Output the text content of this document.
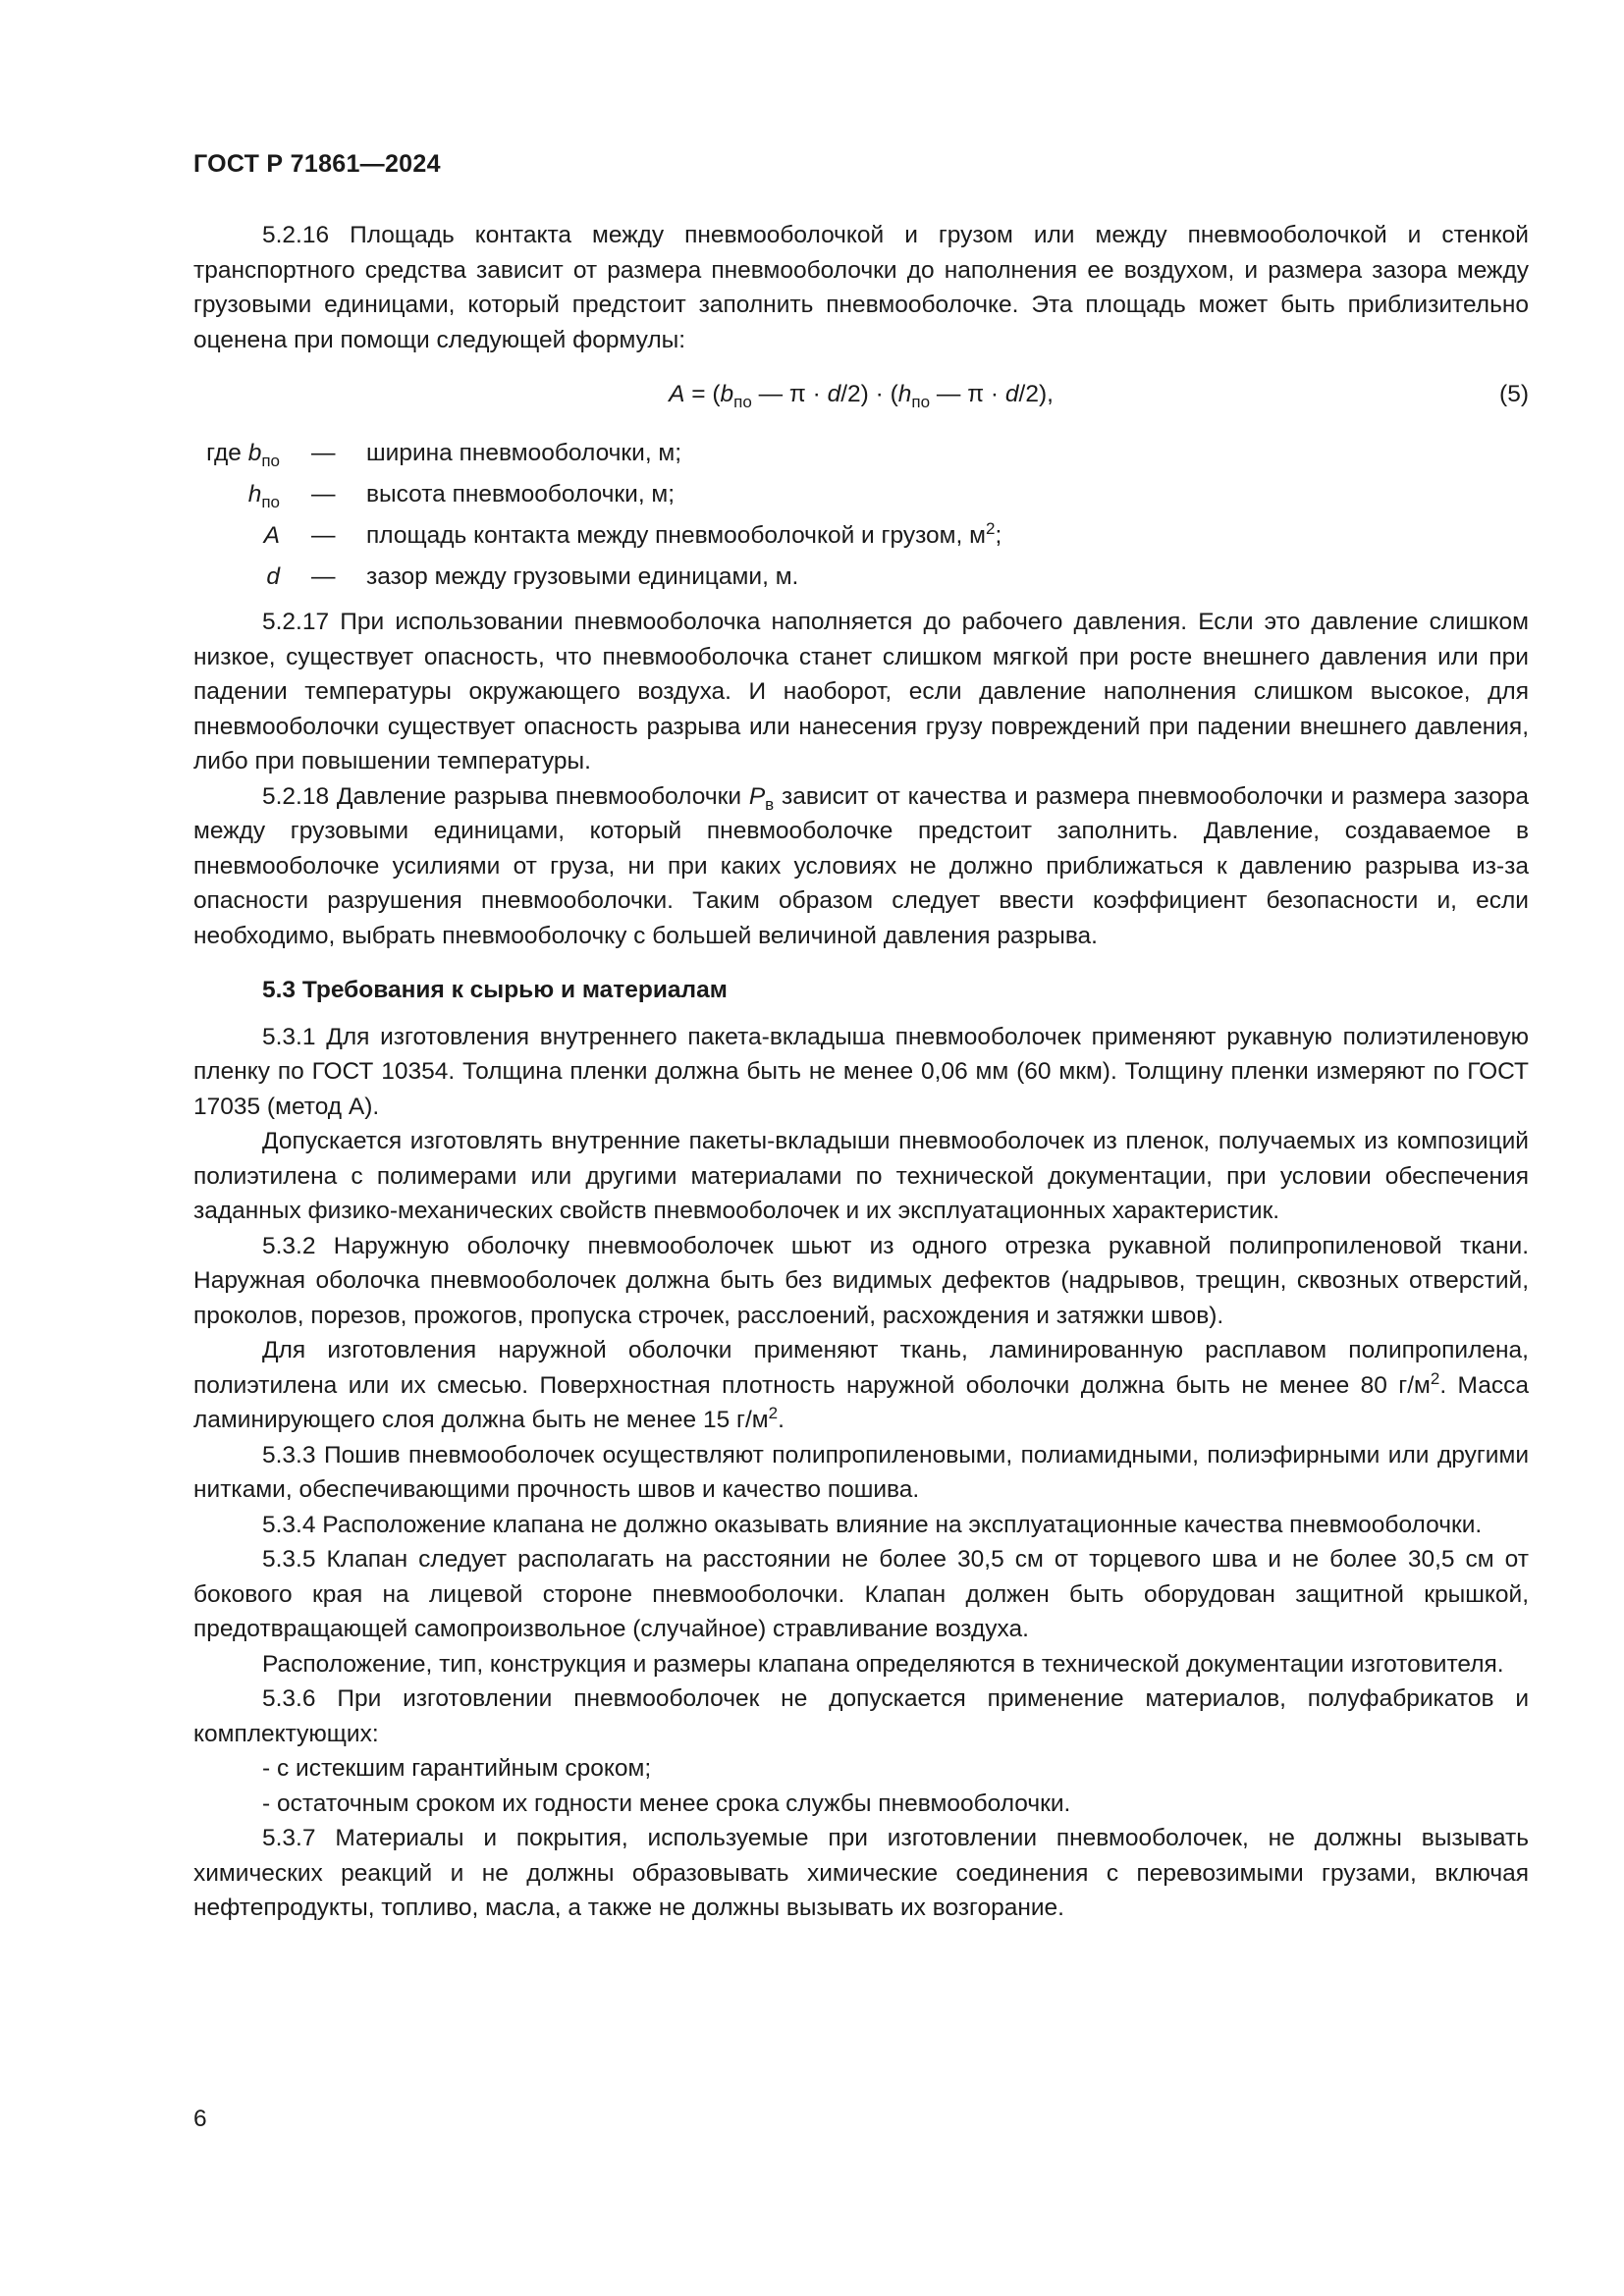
ГОСТ Р 71861—2024

5.2.16 Площадь контакта между пневмооболочкой и грузом или между пневмооболочкой и стенкой транспортного средства зависит от размера пневмооболочки до наполнения ее воздухом, и размера зазора между грузовыми единицами, который предстоит заполнить пневмооболочке. Эта площадь может быть приблизительно оценена при помощи следующей формулы:

$A = (b_{по}$ — $\pi \cdot d/2) \cdot (h_{по}$ — π · d/2),	(5)
где $b_{по}$ — ширина пневмооболочки, м;
$h_{по}$ — высота пневмооболочки, м;
A — площадь контакта между пневмооболочкой и грузом, $м^2$;
d — зазор между грузовыми единицами, м.

5.2.17 При использовании пневмооболочка наполняется до рабочего давления. Если это давление слишком низкое, существует опасность, что пневмооболочка станет слишком мягкой при росте внешнего давления или при падении температуры окружающего воздуха. И наоборот, если давление наполнения слишком высокое, для пневмооболочки существует опасность разрыва или нанесения грузу повреждений при падении внешнего давления, либо при повышении температуры.

5.2.18 Давление разрыва пневмооболочки $P_в$ зависит от качества и размера пневмооболочки и размера зазора между грузовыми единицами, который пневмооболочке предстоит заполнить. Давление, создаваемое в пневмооболочке усилиями от груза, ни при каких условиях не должно приближаться к давлению разрыва из-за опасности разрушения пневмооболочки. Таким образом следует ввести коэффициент безопасности и, если необходимо, выбрать пневмооболочку с большей величиной давления разрыва.

5.3 Требования к сырью и материалам

5.3.1 Для изготовления внутреннего пакета-вкладыша пневмооболочек применяют рукавную полиэтиленовую пленку по ГОСТ 10354. Толщина пленки должна быть не менее 0,06 мм (60 мкм). Толщину пленки измеряют по ГОСТ 17035 (метод А).

Допускается изготовлять внутренние пакеты-вкладыши пневмооболочек из пленок, получаемых из композиций полиэтилена с полимерами или другими материалами по технической документации, при условии обеспечения заданных физико-механических свойств пневмооболочек и их эксплуатационных характеристик.

5.3.2 Наружную оболочку пневмооболочек шьют из одного отрезка рукавной полипропиленовой ткани. Наружная оболочка пневмооболочек должна быть без видимых дефектов (надрывов, трещин, сквозных отверстий, проколов, порезов, прожогов, пропуска строчек, расслоений, расхождения и затяжки швов).

Для изготовления наружной оболочки применяют ткань, ламинированную расплавом полипропилена, полиэтилена или их смесью. Поверхностная плотность наружной оболочки должна быть не менее 80 $г/м^2$. Масса ламинирующего слоя должна быть не менее 15 $г/м^2$.

5.3.3 Пошив пневмооболочек осуществляют полипропиленовыми, полиамидными, полиэфирными или другими нитками, обеспечивающими прочность швов и качество пошива.

5.3.4 Расположение клапана не должно оказывать влияние на эксплуатационные качества пневмооболочки.

5.3.5 Клапан следует располагать на расстоянии не более 30,5 см от торцевого шва и не более 30,5 см от бокового края на лицевой стороне пневмооболочки. Клапан должен быть оборудован защитной крышкой, предотвращающей самопроизвольное (случайное) стравливание воздуха.

Расположение, тип, конструкция и размеры клапана определяются в технической документации изготовителя.

5.3.6 При изготовлении пневмооболочек не допускается применение материалов, полуфабрикатов и комплектующих:

- с истекшим гарантийным сроком;

- остаточным сроком их годности менее срока службы пневмооболочки.

5.3.7 Материалы и покрытия, используемые при изготовлении пневмооболочек, не должны вызывать химических реакций и не должны образовывать химические соединения с перевозимыми грузами, включая нефтепродукты, топливо, масла, а также не должны вызывать их возгорание.

6
